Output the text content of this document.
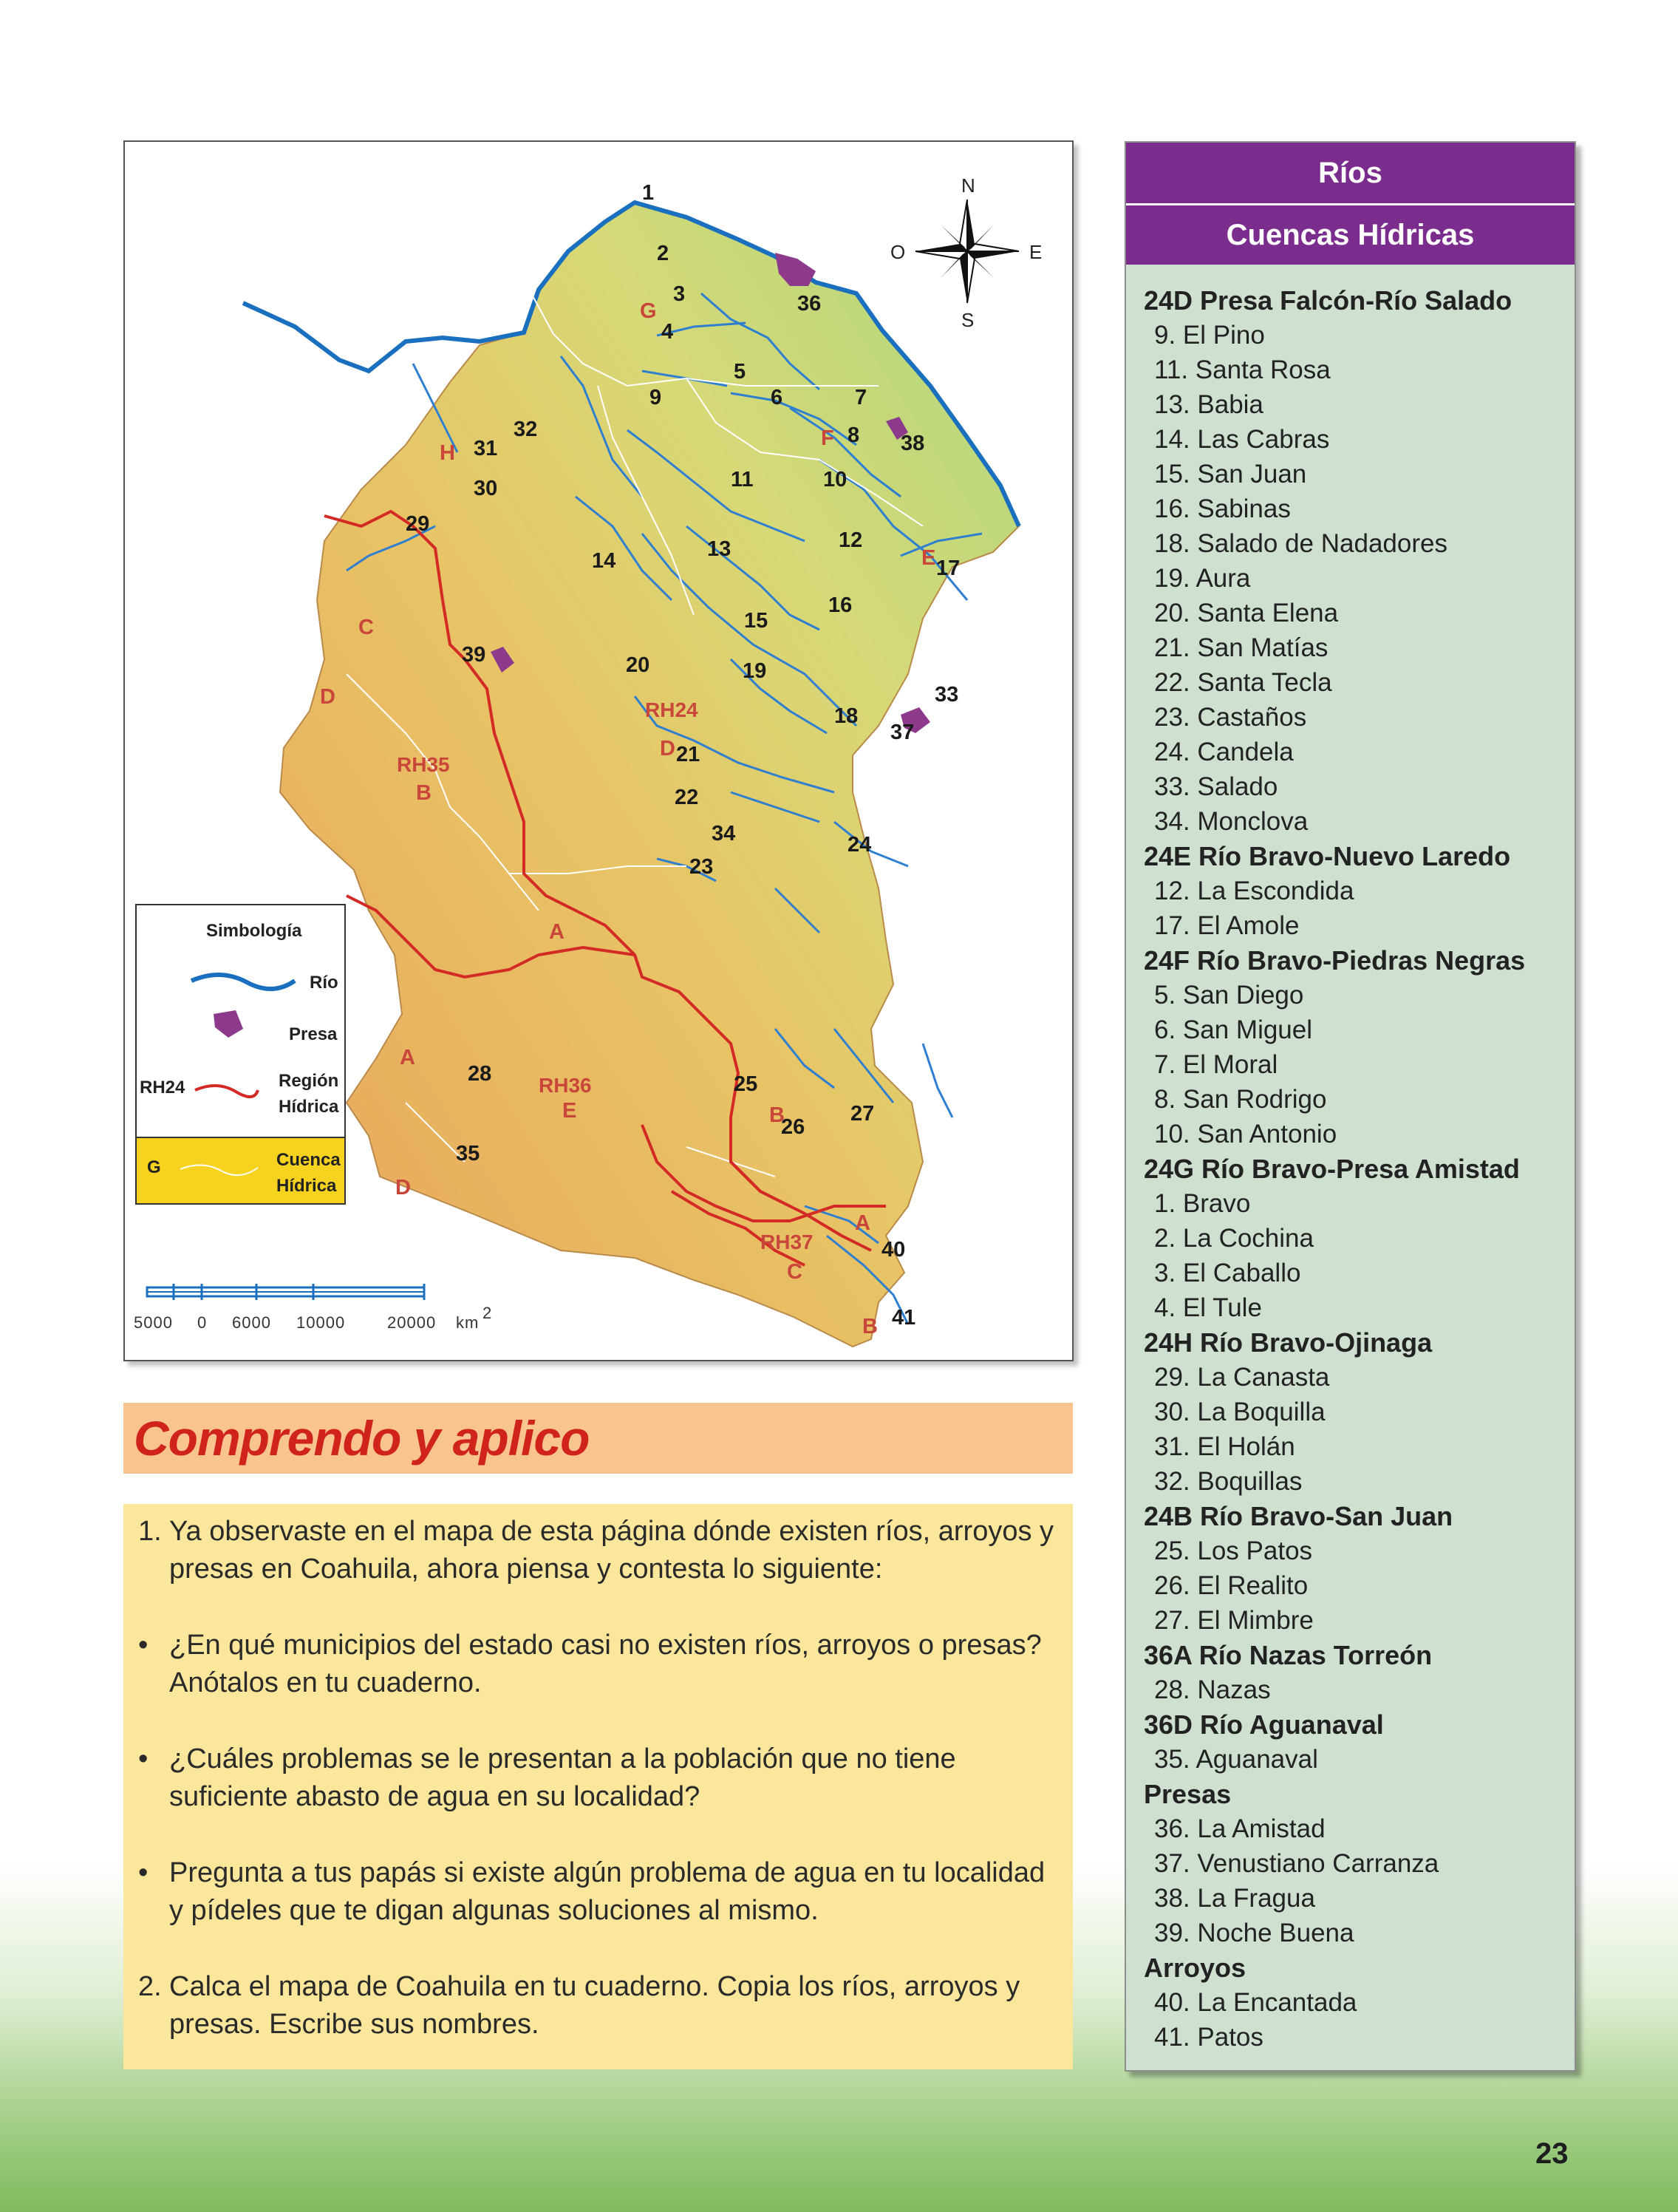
1
2
3
4
5
6	7
8
9
10
11
12
13
14
15
16
17
18
19
20
21
22
23
24
25
26
27
28
29
30
31
32
33
34
35
36
37
38
39
40
41
G
H
F
E
C
D
D
B
A
A
E	B
D
A
C
B
RH24
RH35
RH36
RH37
N
S
E
O
Simbología
Río
Presa
RH24	Región
Hídrica
G	Cuenca
Hídrica
5000 0 6000 10000	20000 km
2
Comprendo y aplico
1. Ya observaste en el mapa de esta página dónde existen ríos, arroyos y presas en Coahuila, ahora piensa y contesta lo siguiente:
• ¿En qué municipios del estado casi no existen ríos, arroyos o presas? Anótalos en tu cuaderno.
• ¿Cuáles problemas se le presentan a la población que no tiene suficiente abasto de agua en su localidad?
• Pregunta a tus papás si existe algún problema de agua en tu localidad y pídeles que te digan algunas soluciones al mismo.
2. Calca el mapa de Coahuila en tu cuaderno. Copia los ríos, arroyos y presas. Escribe sus nombres.
Ríos
Cuencas Hídricas
24D Presa Falcón-Río Salado
9. El Pino
11. Santa Rosa
13. Babia
14. Las Cabras
15. San Juan
16. Sabinas
18. Salado de Nadadores
19. Aura
20. Santa Elena
21. San Matías
22. Santa Tecla
23. Castaños
24. Candela
33. Salado
34. Monclova
24E Río Bravo-Nuevo Laredo
12. La Escondida
17. El Amole
24F Río Bravo-Piedras Negras
5. San Diego
6. San Miguel
7. El Moral
8. San Rodrigo
10. San Antonio
24G Río Bravo-Presa Amistad
1. Bravo
2. La Cochina
3. El Caballo
4. El Tule
24H Río Bravo-Ojinaga
29. La Canasta
30. La Boquilla
31. El Holán
32. Boquillas
24B Río Bravo-San Juan
25. Los Patos
26. El Realito
27. El Mimbre
36A Río Nazas Torreón
28. Nazas
36D Río Aguanaval
35. Aguanaval
Presas
36. La Amistad
37. Venustiano Carranza
38. La Fragua
39. Noche Buena
Arroyos
40. La Encantada
41. Patos
23
